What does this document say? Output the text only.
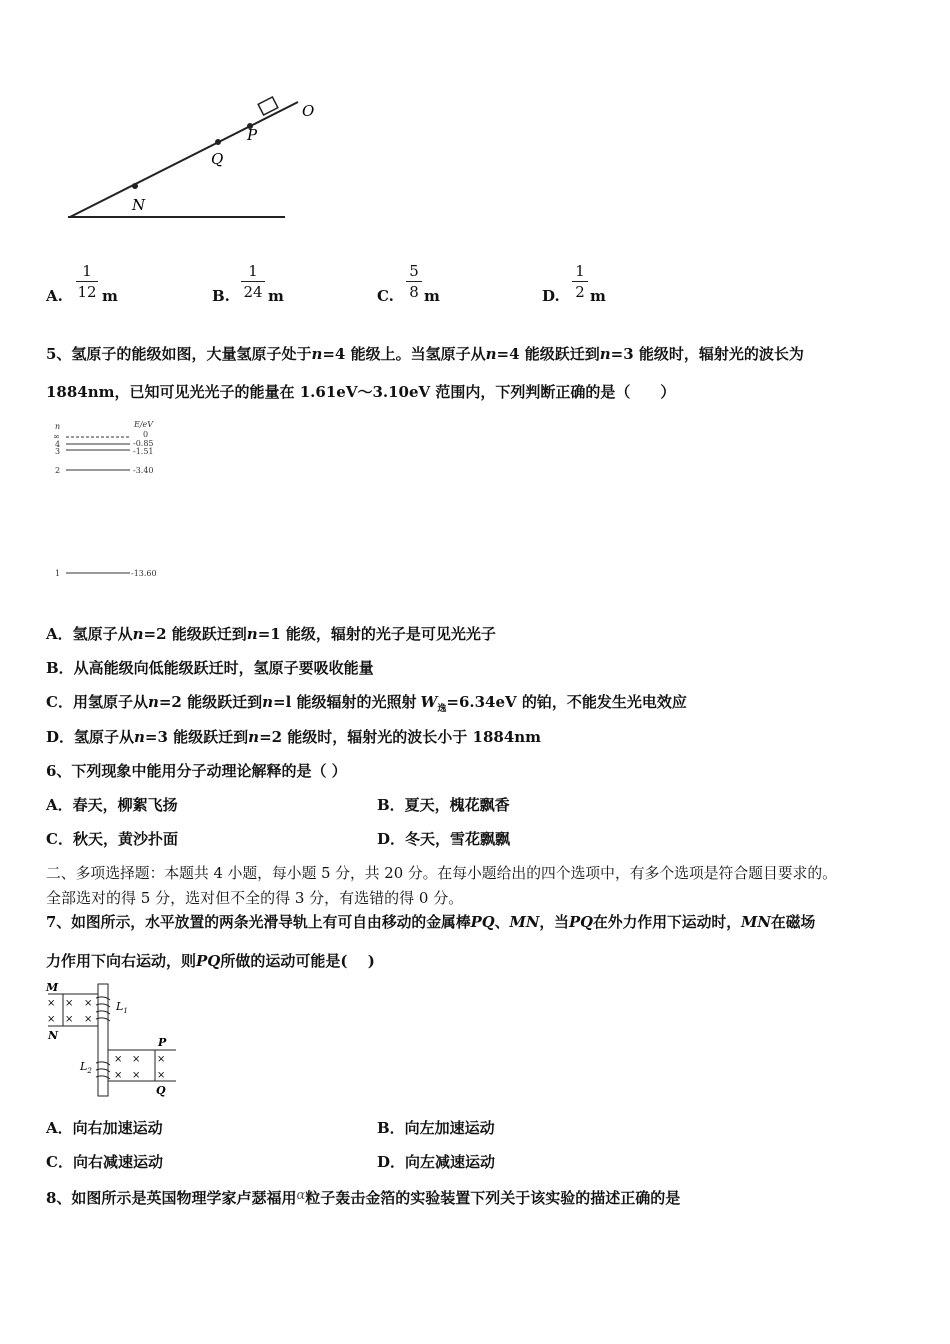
O
P
Q
N
A.
1
12 m	B.
1
24 m	C.
5
8 m	D.
1
2 m
5、氢原子的能级如图，大量氢原子处于n=4 能级上。当氢原子从n=4 能级跃迁到n=3 能级时，辐射光的波长为
1884nm，已知可见光光子的能量在 1.61eV～3.10eV 范围内，下列判断正确的是（　　）
n	E/eV
∞	0
4	-0.85
3	-1.51
2	-3.40
1	-13.60
A．氢原子从n=2 能级跃迁到n=1 能级，辐射的光子是可见光光子
B．从高能级向低能级跃迁时，氢原子要吸收能量
C．用氢原子从n=2 能级跃迁到n=l 能级辐射的光照射 $W_逸=6.34eV$ 的铂，不能发生光电效应
D．氢原子从n=3 能级跃迁到n=2 能级时，辐射光的波长小于 1884nm
6、下列现象中能用分子动理论解释的是（ ）
A．春天，柳絮飞扬	B．夏天，槐花飘香
C．秋天，黄沙扑面	D．冬天，雪花飘飘
二、多项选择题：本题共 4 小题，每小题 5 分，共 20 分。在每小题给出的四个选项中，有多个选项是符合题目要求的。
全部选对的得 5 分，选对但不全的得 3 分，有选错的得 0 分。
7、如图所示，水平放置的两条光滑导轨上有可自由移动的金属棒PQ、MN，当PQ在外力作用下运动时，MN在磁场
力作用下向右运动，则PQ所做的运动可能是(　 )
M
N
× × ×
× × ×
$L_1$
P
Q
× × ×
× × ×
$L_2$
A．向右加速运动	B．向左加速运动
C．向右减速运动	D．向左减速运动
8、如图所示是英国物理学家卢瑟福用α粒子轰击金箔的实验装置下列关于该实验的描述正确的是
